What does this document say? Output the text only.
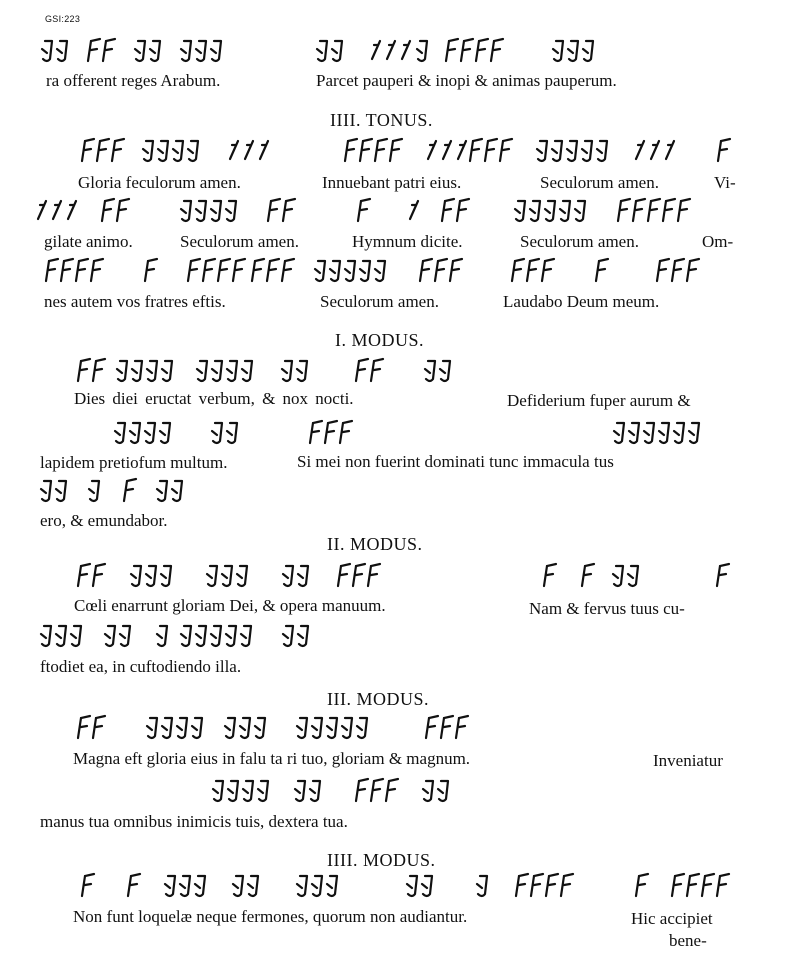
GSI:223
ra offerent reges Arabum.	Parcet pauperi & inopi & animas pauperum.
IIII. TONUS.
Gloria feculorum amen.	Innuebant patri eius.	Seculorum amen.	Vi-
gilate animo.	Seculorum amen.	Hymnum dicite.	Seculorum amen.	Om-
nes autem vos fratres eftis.	Seculorum amen.	Laudabo Deum meum.
I. MODUS.
Dies diei eructat verbum, & nox nocti.	Defiderium fuper aurum &
lapidem pretiofum multum.	Si mei non fuerint dominati tunc immacula tus
ero, & emundabor.
II. MODUS.
Cœli enarrunt gloriam Dei, & opera manuum.	Nam & fervus tuus cu-
ftodiet ea, in cuftodiendo illa.
III. MODUS.
Magna eft gloria eius in falu ta ri tuo, gloriam & magnum.	Inveniatur
manus tua omnibus inimicis tuis, dextera tua.
IIII. MODUS.
Non funt loquelæ neque fermones, quorum non audiantur.	Hic accipiet
bene-
